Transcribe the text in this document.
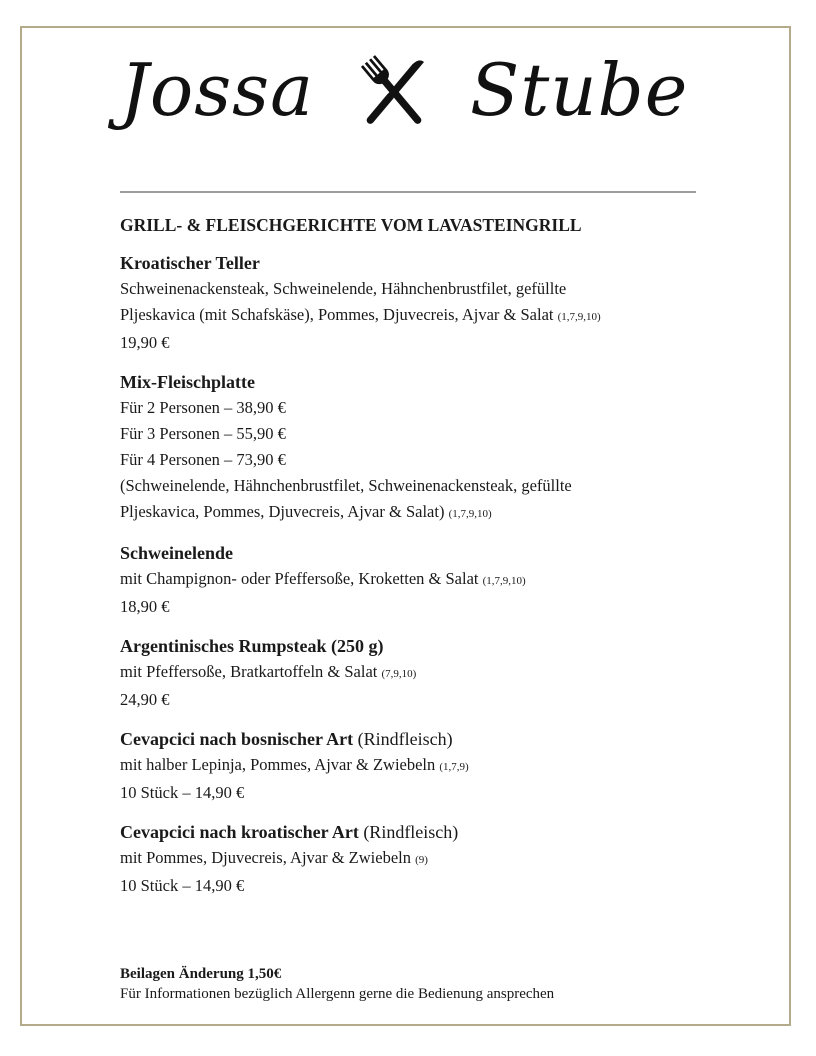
Jossa Stube
GRILL- & FLEISCHGERICHTE VOM LAVASTEINGRILL
Kroatischer Teller
Schweinenackensteak, Schweinelende, Hähnchenbrustfilet, gefüllte
Pljeskavica (mit Schafskäse), Pommes, Djuvecreis, Ajvar & Salat (1,7,9,10)
19,90 €
Mix-Fleischplatte
Für 2 Personen – 38,90 €
Für 3 Personen – 55,90 €
Für 4 Personen – 73,90 €
(Schweinelende, Hähnchenbrustfilet, Schweinenackensteak, gefüllte
Pljeskavica, Pommes, Djuvecreis, Ajvar & Salat) (1,7,9,10)
Schweinelende
mit Champignon- oder Pfeffersoße, Kroketten & Salat (1,7,9,10)
18,90 €
Argentinisches Rumpsteak (250 g)
mit Pfeffersoße, Bratkartoffeln & Salat (7,9,10)
24,90 €
Cevapcici nach bosnischer Art (Rindfleisch)
mit halber Lepinja, Pommes, Ajvar & Zwiebeln (1,7,9)
10 Stück – 14,90 €
Cevapcici nach kroatischer Art (Rindfleisch)
mit Pommes, Djuvecreis, Ajvar & Zwiebeln (9)
10 Stück – 14,90 €
Beilagen Änderung 1,50€
Für Informationen bezüglich Allergenn gerne die Bedienung ansprechen
